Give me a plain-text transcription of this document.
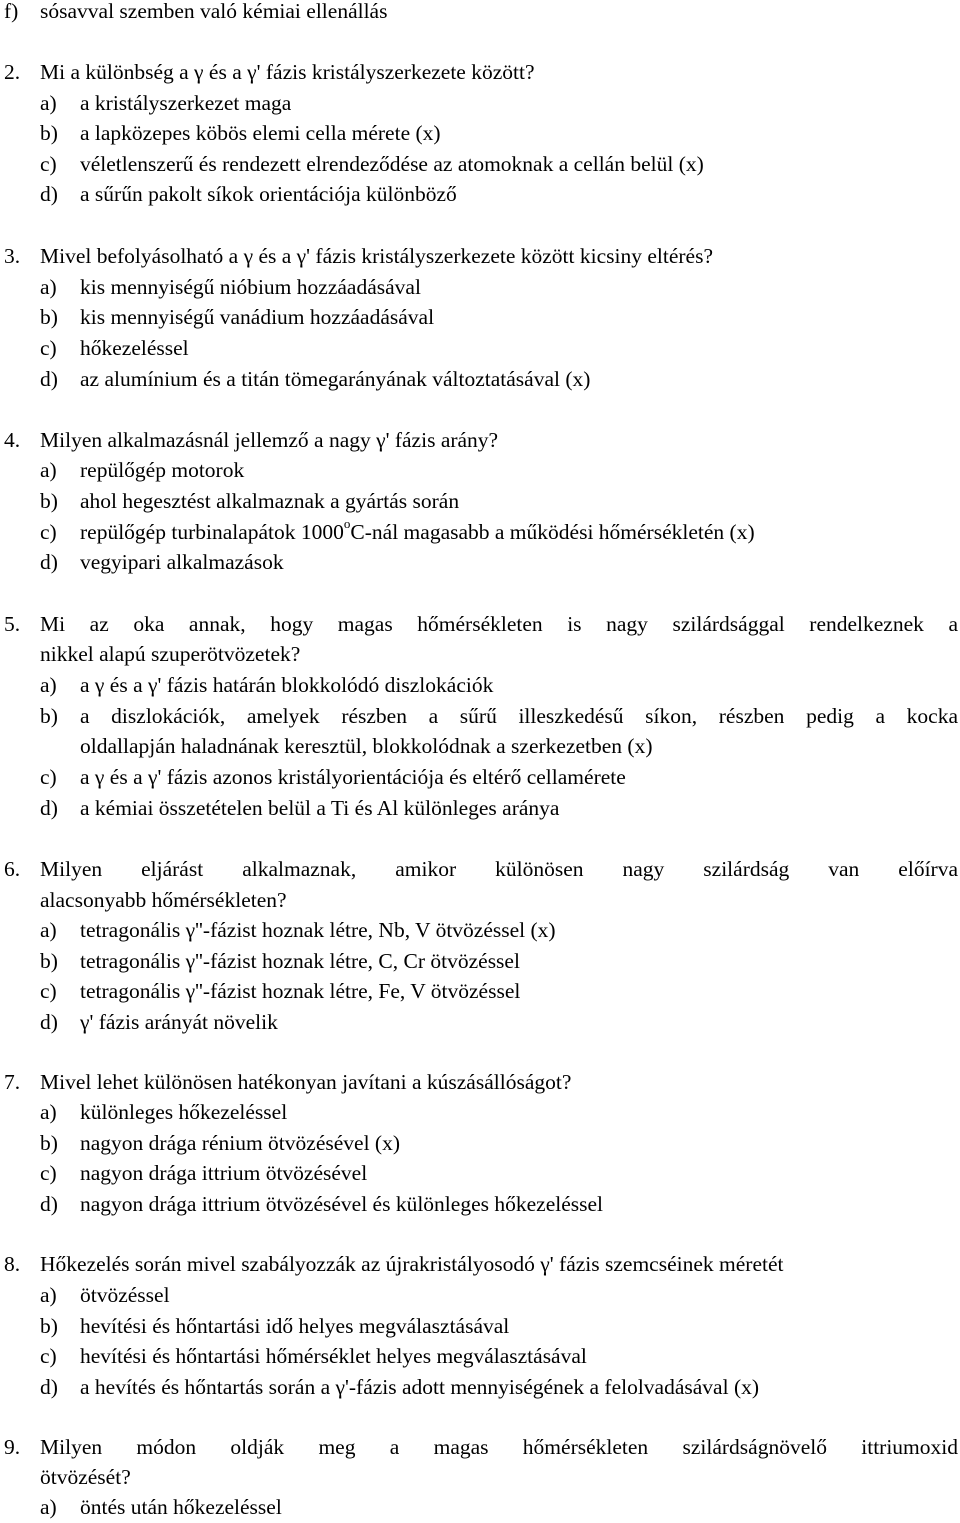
f)	sósavval szemben való kémiai ellenállás
2. Mi a különbség a γ és a γ' fázis kristályszerkezete között?
a)	a kristályszerkezet maga
b)	a lapközepes köbös elemi cella mérete (x)
c)	véletlenszerű és rendezett elrendeződése az atomoknak a cellán belül (x)
d)	a sűrűn pakolt síkok orientációja különböző
3. Mivel befolyásolható a γ és a γ' fázis kristályszerkezete között kicsiny eltérés?
a)	kis mennyiségű nióbium hozzáadásával
b)	kis mennyiségű vanádium hozzáadásával
c)	hőkezeléssel
d)	az alumínium és a titán tömegarányának változtatásával (x)
4. Milyen alkalmazásnál jellemző a nagy γ' fázis arány?
a)	repülőgép motorok
b)	ahol hegesztést alkalmaznak a gyártás során
c)	repülőgép turbinalapátok 1000$^o$C-nál magasabb a működési hőmérsékletén (x)
d)	vegyipari alkalmazások
5. Mi az oka annak, hogy magas hőmérsékleten is nagy szilárdsággal rendelkeznek a
nikkel alapú szuperötvözetek?
a)	a γ és a γ' fázis határán blokkolódó diszlokációk
b)	a diszlokációk, amelyek részben a sűrű illeszkedésű síkon, részben pedig a kocka
oldallapján haladnának keresztül, blokkolódnak a szerkezetben (x)
c)	a γ és a γ' fázis azonos kristályorientációja és eltérő cellamérete
d)	a kémiai összetételen belül a Ti és Al különleges aránya
6. Milyen eljárást alkalmaznak, amikor különösen nagy szilárdság van előírva
alacsonyabb hőmérsékleten?
a)	tetragonális γ''-fázist hoznak létre, Nb, V ötvözéssel (x)
b)	tetragonális γ''-fázist hoznak létre, C, Cr ötvözéssel
c)	tetragonális γ''-fázist hoznak létre, Fe, V ötvözéssel
d)	γ' fázis arányát növelik
7. Mivel lehet különösen hatékonyan javítani a kúszásállóságot?
a)	különleges hőkezeléssel
b)	nagyon drága rénium ötvözésével (x)
c)	nagyon drága ittrium ötvözésével
d)	nagyon drága ittrium ötvözésével és különleges hőkezeléssel
8. Hőkezelés során mivel szabályozzák az újrakristályosodó γ' fázis szemcséinek méretét
a)	ötvözéssel
b)	hevítési és hőntartási idő helyes megválasztásával
c)	hevítési és hőntartási hőmérséklet helyes megválasztásával
d)	a hevítés és hőntartás során a γ'-fázis adott mennyiségének a felolvadásával (x)
9. Milyen módon oldják meg a magas hőmérsékleten szilárdságnövelő ittriumoxid
ötvözését?
a)	öntés után hőkezeléssel
